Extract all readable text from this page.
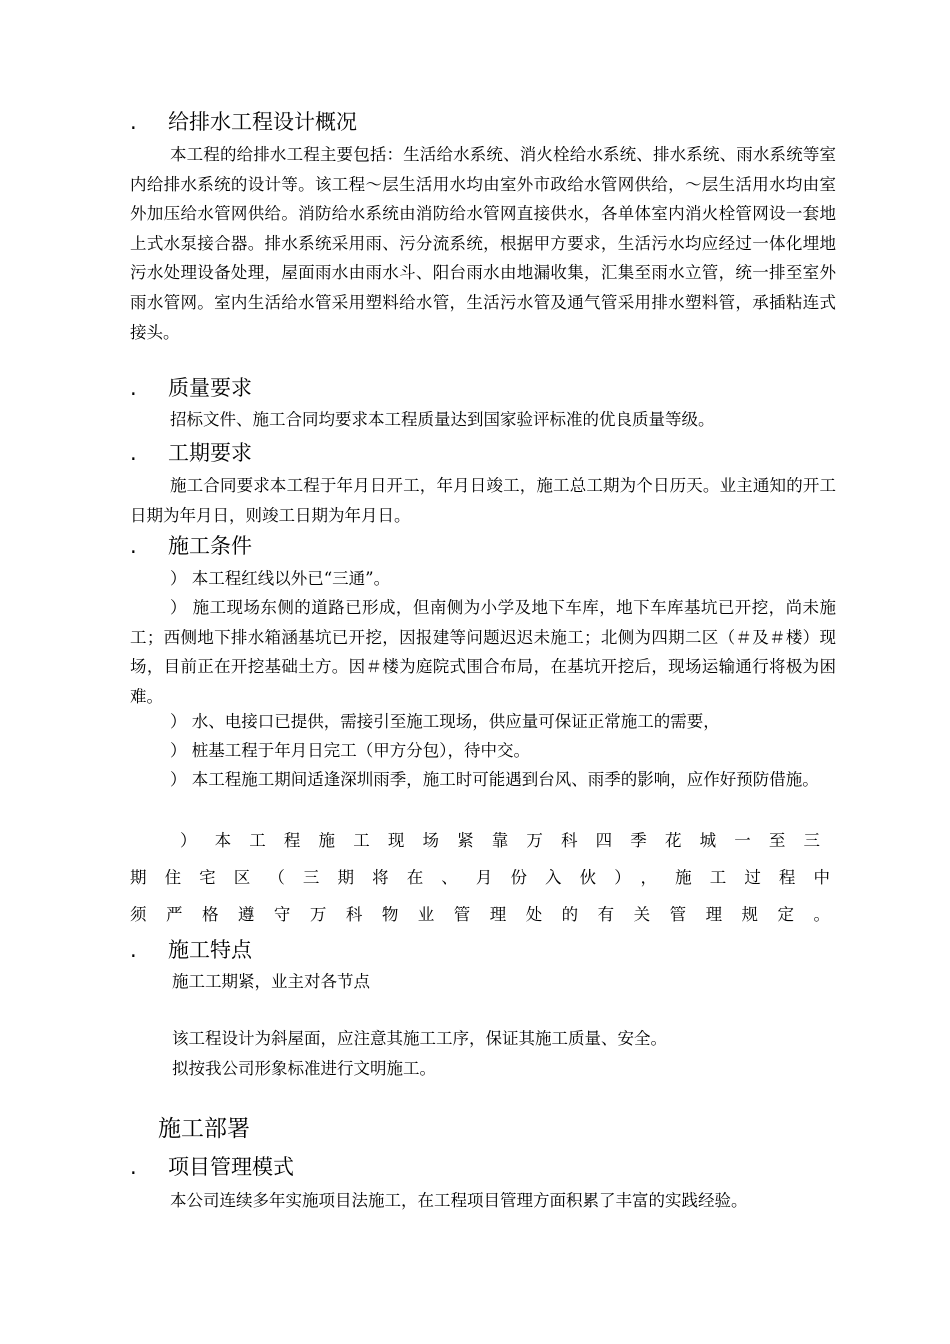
. 给排水工程设计概况

本工程的给排水工程主要包括：生活给水系统、消火栓给水系统、排水系统、雨水系统等室内给排水系统的设计等。该工程～层生活用水均由室外市政给水管网供给，～层生活用水均由室外加压给水管网供给。消防给水系统由消防给水管网直接供水，各单体室内消火栓管网设一套地上式水泵接合器。排水系统采用雨、污分流系统，根据甲方要求，生活污水均应经过一体化埋地污水处理设备处理，屋面雨水由雨水斗、阳台雨水由地漏收集，汇集至雨水立管，统一排至室外雨水管网。室内生活给水管采用塑料给水管，生活污水管及通气管采用排水塑料管，承插粘连式接头。

. 质量要求

招标文件、施工合同均要求本工程质量达到国家验评标准的优良质量等级。

. 工期要求

施工合同要求本工程于年月日开工，年月日竣工，施工总工期为个日历天。业主通知的开工日期为年月日，则竣工日期为年月日。

. 施工条件

） 本工程红线以外已“三通”。

） 施工现场东侧的道路已形成，但南侧为小学及地下车库，地下车库基坑已开挖，尚未施工；西侧地下排水箱涵基坑已开挖，因报建等问题迟迟未施工；北侧为四期二区（＃及＃楼）现场，目前正在开挖基础土方。因＃楼为庭院式围合布局，在基坑开挖后，现场运输通行将极为困难。

） 水、电接口已提供，需接引至施工现场，供应量可保证正常施工的需要，

） 桩基工程于年月日完工（甲方分包），待中交。

） 本工程施工期间适逢深圳雨季，施工时可能遇到台风、雨季的影响，应作好预防借施。

）本工程施工现场紧靠万科四季花城一至三
期住宅区（三期将在、月份入伙），施工过程中
须严格遵守万科物业管理处的有关管理规定。
. 施工特点
施工工期紧，业主对各节点
该工程设计为斜屋面，应注意其施工工序，保证其施工质量、安全。
拟按我公司形象标准进行文明施工。
施工部署
. 项目管理模式
本公司连续多年实施项目法施工，在工程项目管理方面积累了丰富的实践经验。
